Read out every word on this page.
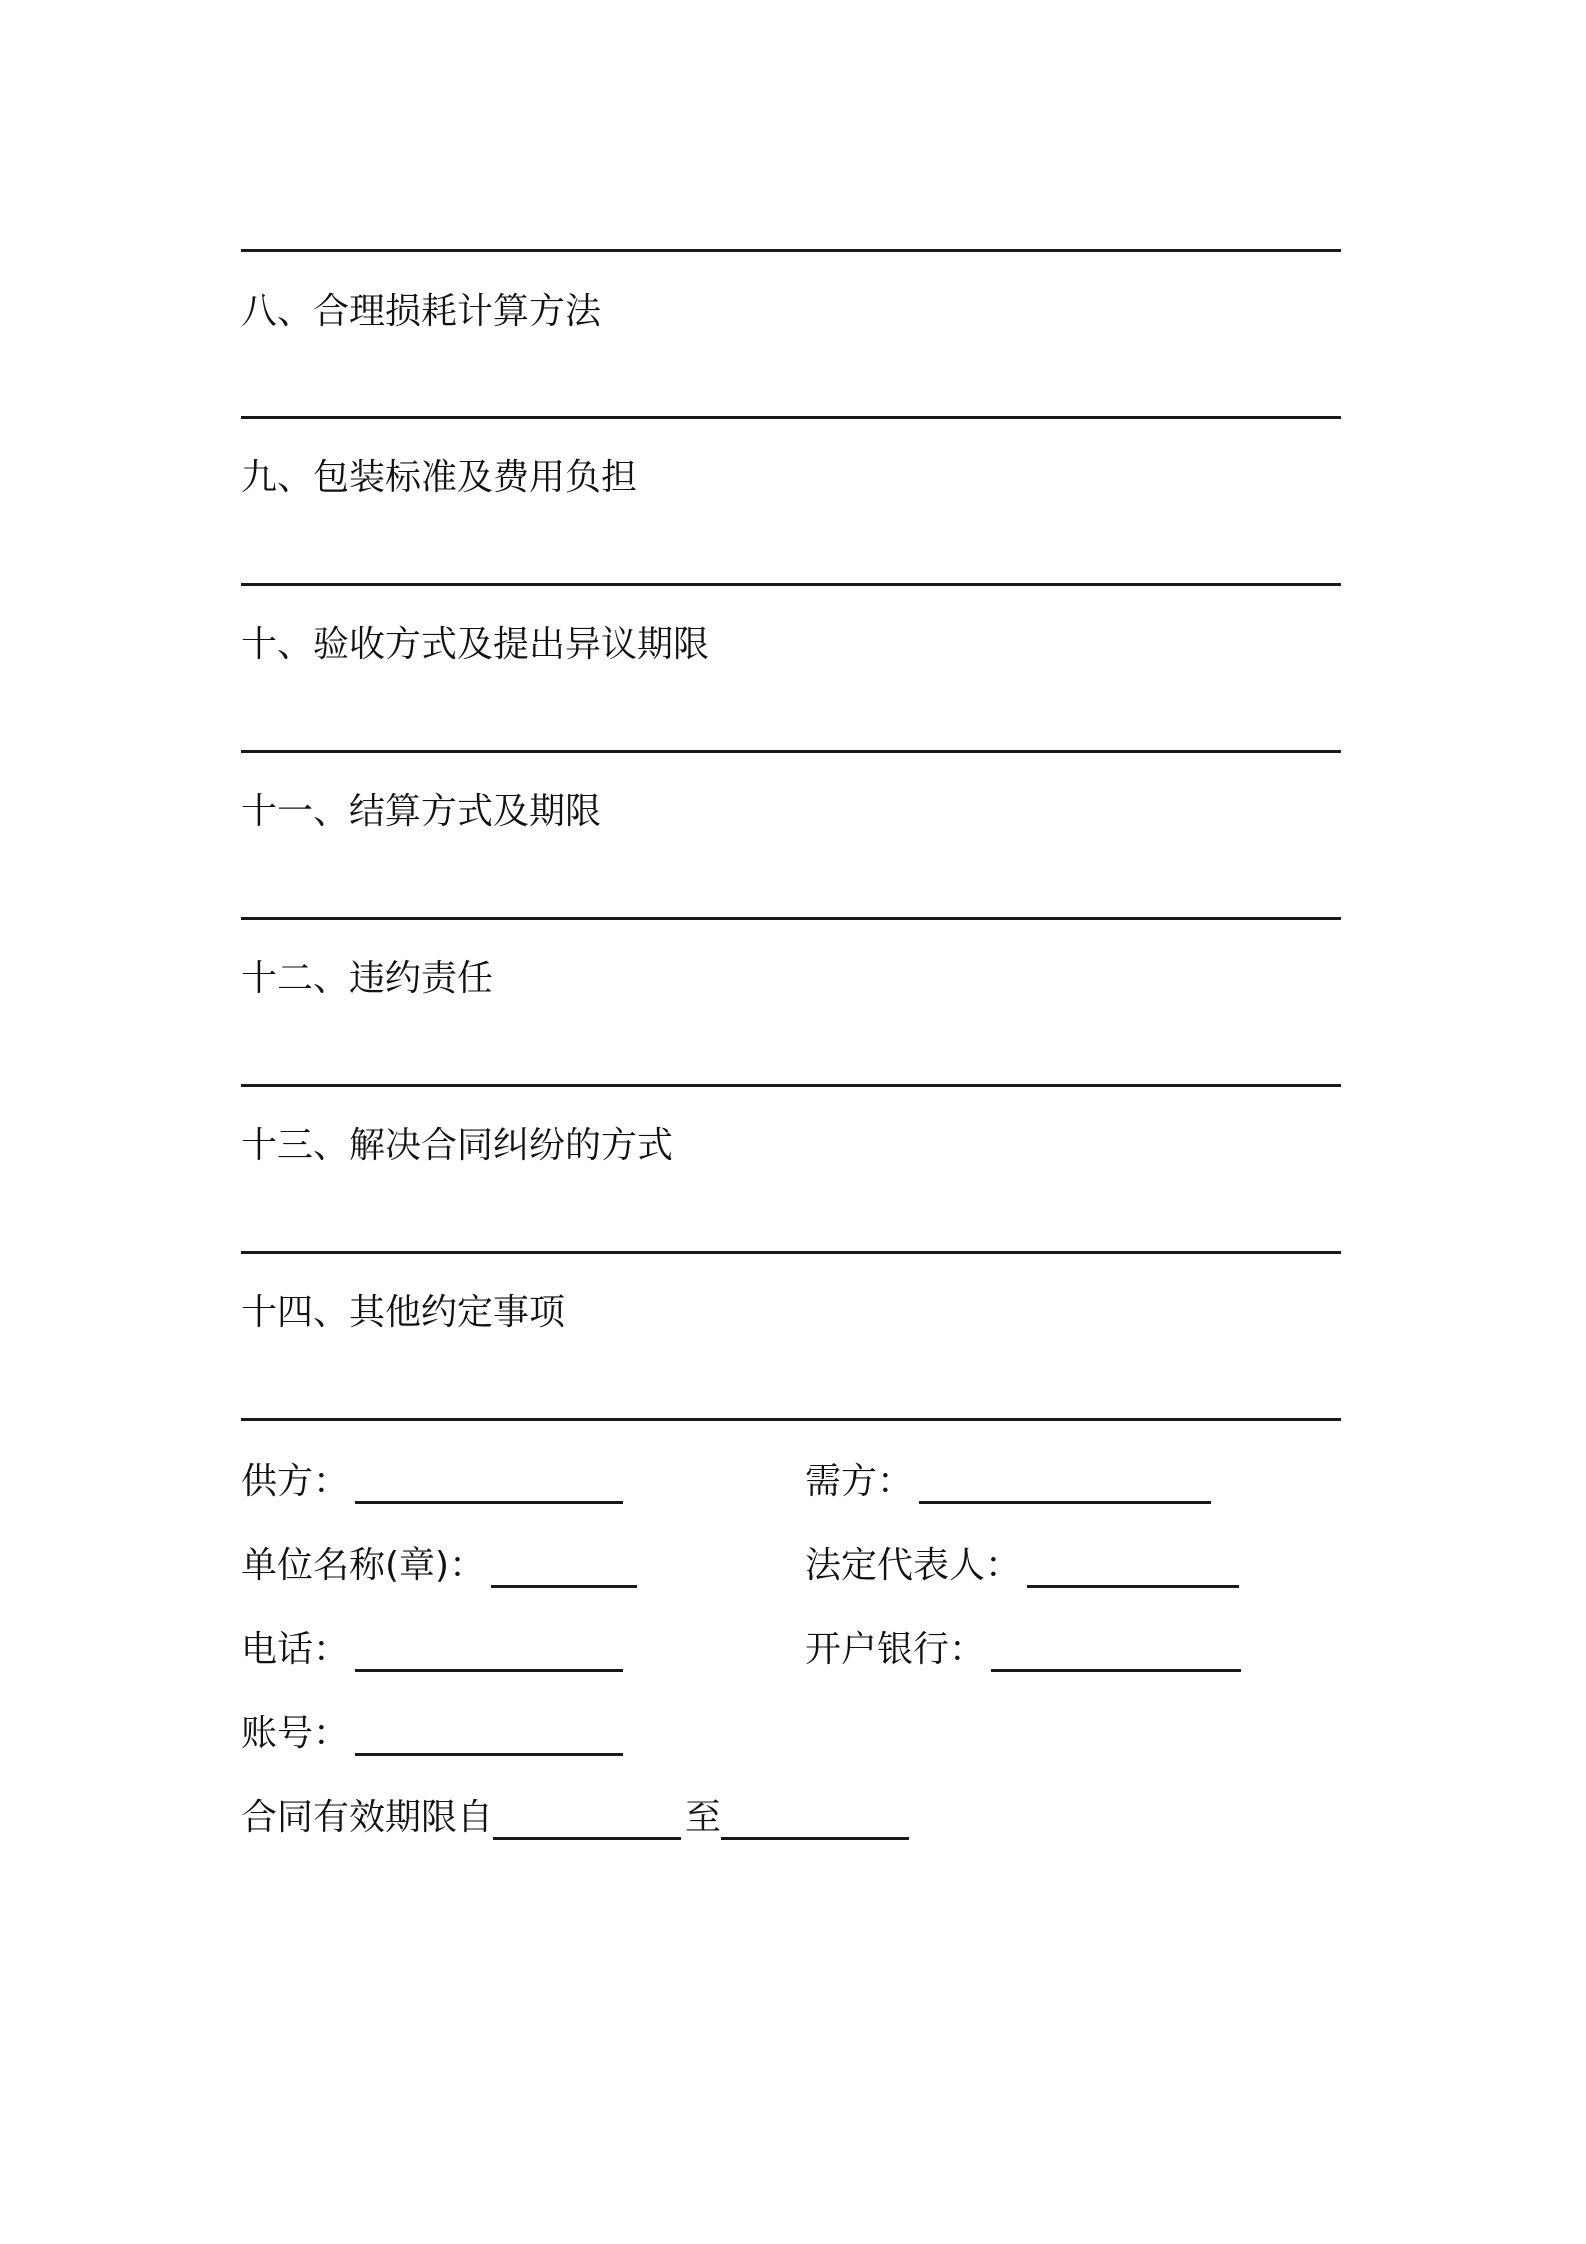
八、合理损耗计算方法
九、包装标准及费用负担
十、验收方式及提出异议期限
十一、结算方式及期限
十二、违约责任
十三、解决合同纠纷的方式
十四、其他约定事项
供方：	需方：
单位名称(章)：	法定代表人：
电话：	开户银行：
账号：
合同有效期限自	至
